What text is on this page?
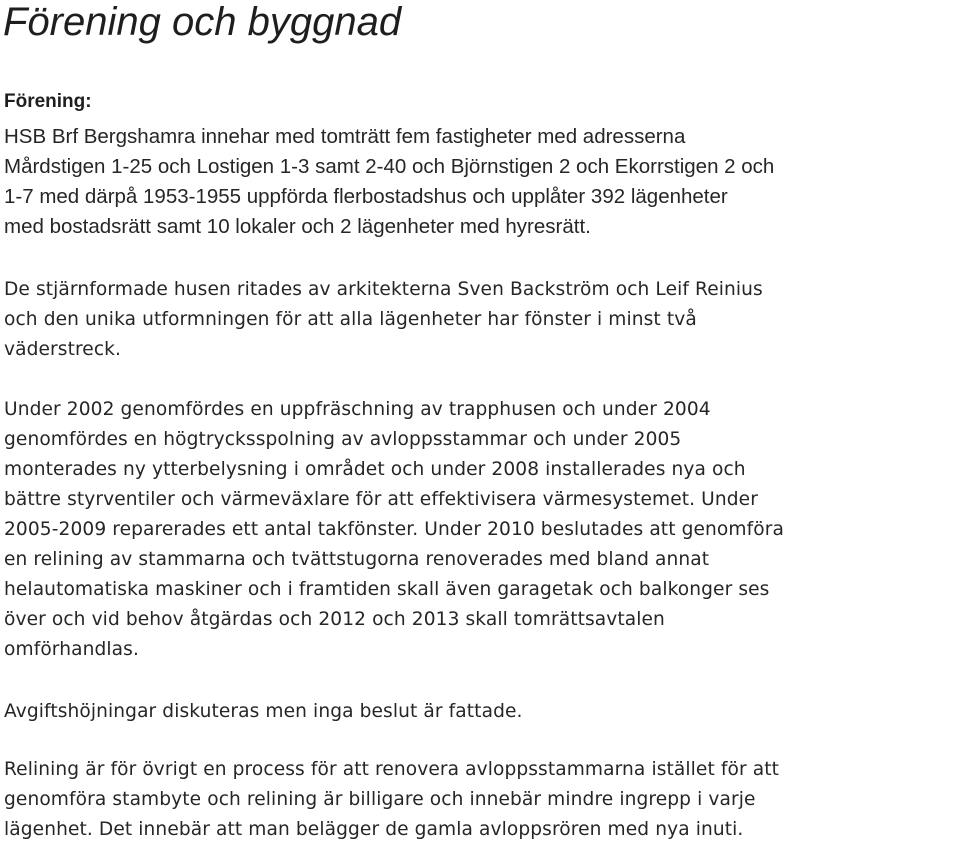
Förening och byggnad
Förening:

HSB Brf Bergshamra innehar med tomträtt fem fastigheter med adresserna

Mårdstigen 1-25 och Lostigen 1-3 samt 2-40 och Björnstigen 2 och Ekorrstigen 2 och

1-7 med därpå 1953-1955 uppförda flerbostadshus och upplåter 392 lägenheter

med bostadsrätt samt 10 lokaler och 2 lägenheter med hyresrätt.

De stjärnformade husen ritades av arkitekterna Sven Backström och Leif Reinius

och den unika utformningen för att alla lägenheter har fönster i minst två

väderstreck.

Under 2002 genomfördes en uppfräschning av trapphusen och under 2004

genomfördes en högtrycksspolning av avloppsstammar och under 2005

monterades ny ytterbelysning i området och under 2008 installerades nya och

bättre styrventiler och värmeväxlare för att effektivisera värmesystemet. Under

2005-2009 reparerades ett antal takfönster. Under 2010 beslutades att genomföra

en relining av stammarna och tvättstugorna renoverades med bland annat

helautomatiska maskiner och i framtiden skall även garagetak och balkonger ses

över och vid behov åtgärdas och 2012 och 2013 skall tomrättsavtalen

omförhandlas.

Avgiftshöjningar diskuteras men inga beslut är fattade.

Relining är för övrigt en process för att renovera avloppsstammarna istället för att

genomföra stambyte och relining är billigare och innebär mindre ingrepp i varje

lägenhet. Det innebär att man belägger de gamla avloppsrören med nya inuti.
